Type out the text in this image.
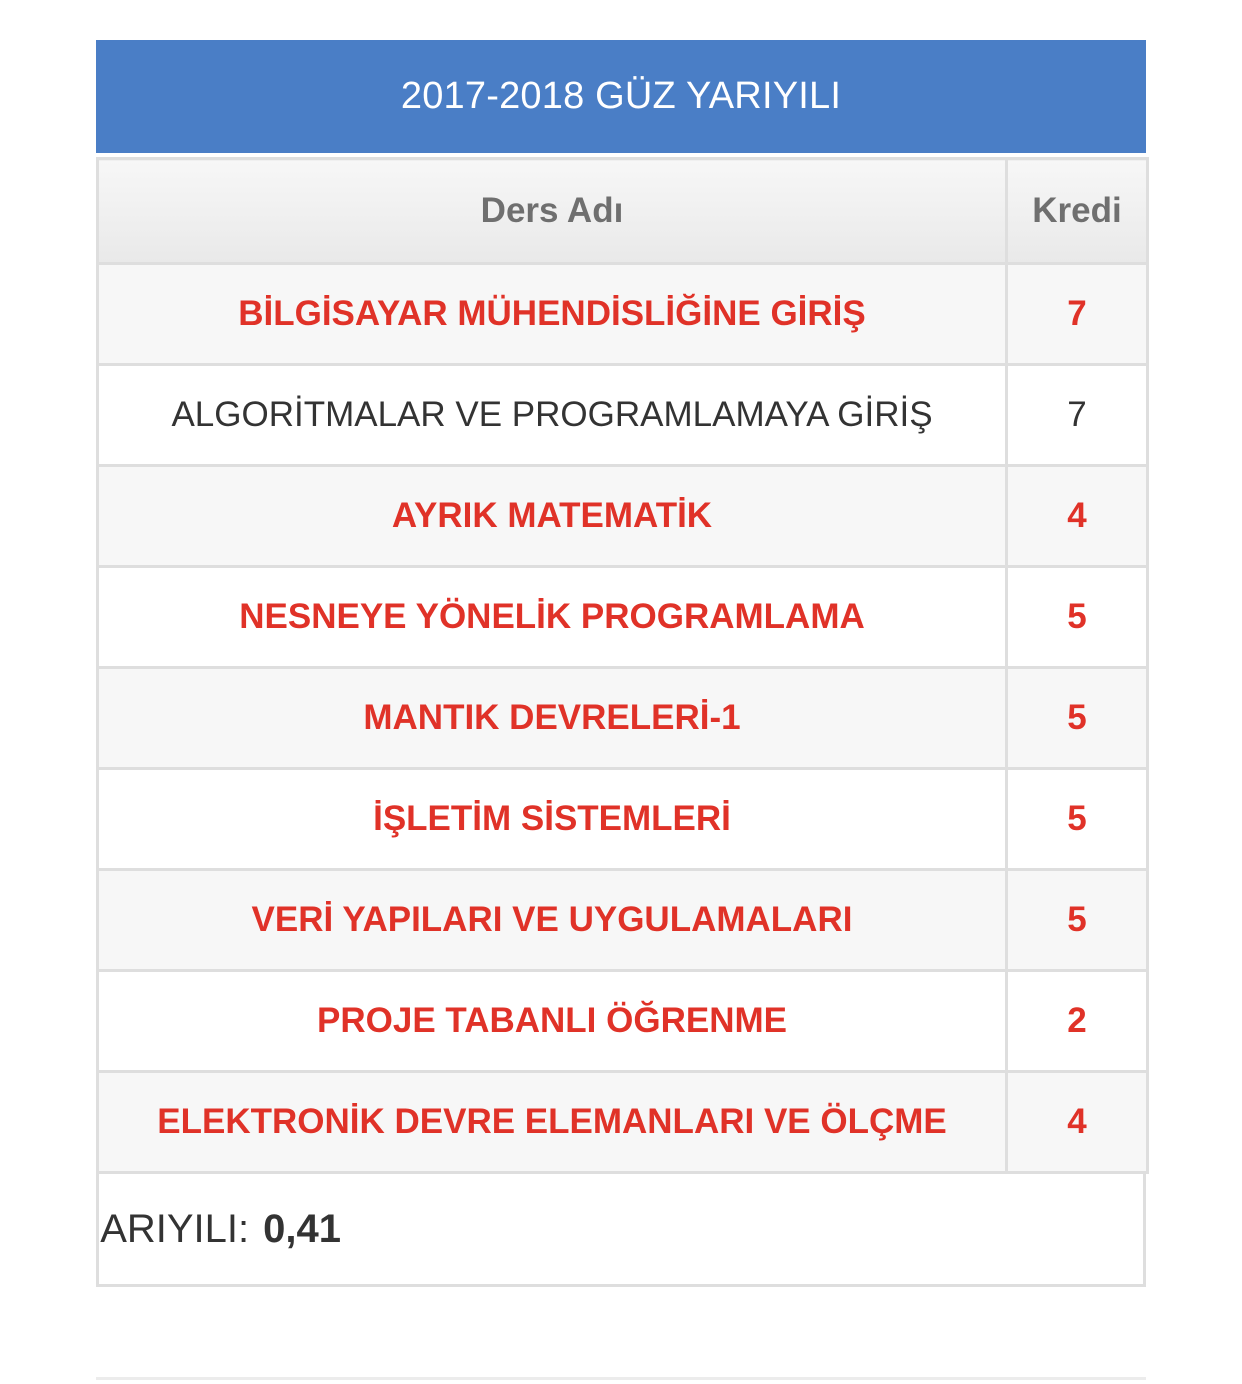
2017-2018 GÜZ YARIYILI
Ders Adı	Kredi
BİLGİSAYAR MÜHENDİSLİĞİNE GİRİŞ	7
ALGORİTMALAR VE PROGRAMLAMAYA GİRİŞ	7
AYRIK MATEMATİK	4
NESNEYE YÖNELİK PROGRAMLAMA	5
MANTIK DEVRELERİ-1	5
İŞLETİM SİSTEMLERİ	5
VERİ YAPILARI VE UYGULAMALARI	5
PROJE TABANLI ÖĞRENME	2
ELEKTRONİK DEVRE ELEMANLARI VE ÖLÇME	4
ARIYILI: 0,41
